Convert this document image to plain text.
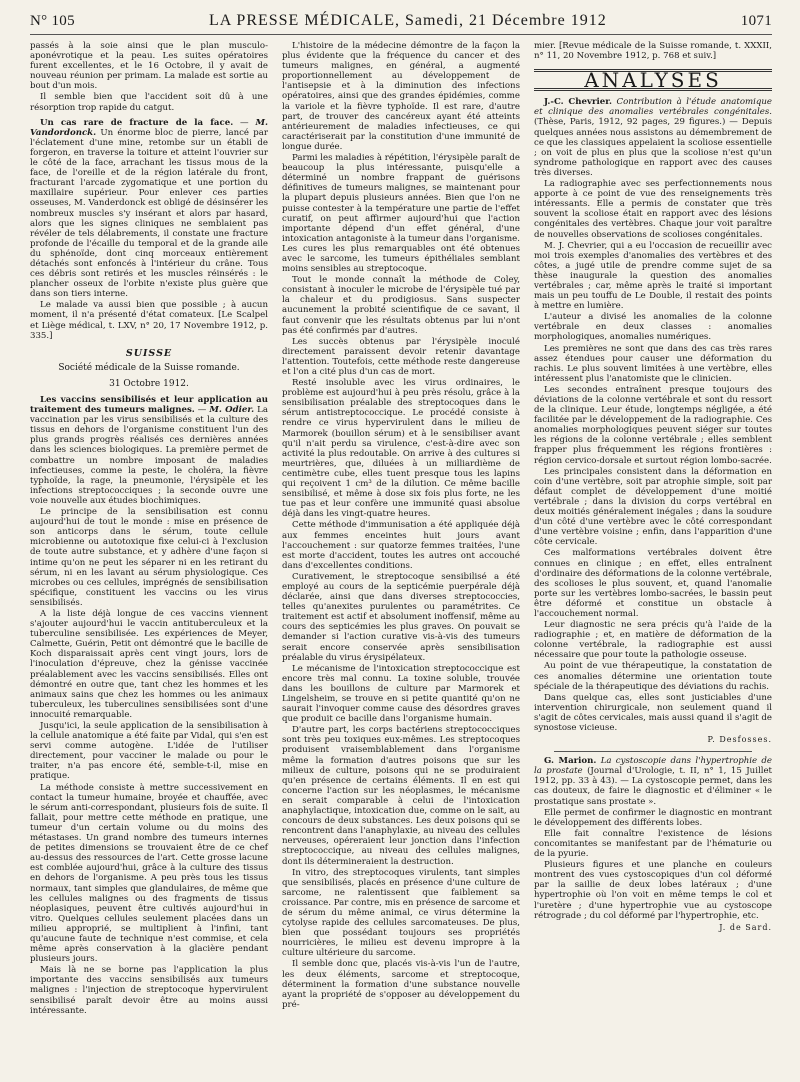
N° 105	LA PRESSE MÉDICALE, Samedi, 21 Décembre 1912	1071

passés à la soie ainsi que le plan musculo-aponévrotique et la peau. Les suites opératoires furent excellentes, et le 16 Octobre, il y avait de nouveau réunion per primam. La malade est sortie au bout d'un mois.

Il semble bien que l'accident soit dû à une résorption trop rapide du catgut.

Un cas rare de fracture de la face. — M. Vandordonck. Un énorme bloc de pierre, lancé par l'éclatement d'une mine, retombe sur un établi de forgeron, en traverse la toiture et atteint l'ouvrier sur le côté de la face, arrachant les tissus mous de la face, de l'oreille et de la région latérale du front, fracturant l'arcade zygomatique et une portion du maxillaire supérieur. Pour enlever ces parties osseuses, M. Vanderdonck est obligé de désinsérer les nombreux muscles s'y insérant et alors par hasard, alors que les signes cliniques ne semblaient pas révéler de tels délabrements, il constate une fracture profonde de l'écaille du temporal et de la grande aile du sphénoïde, dont cinq morceaux entièrement détachés sont enfoncés à l'intérieur du crâne. Tous ces débris sont retirés et les muscles réinsérés : le plancher osseux de l'orbite n'existe plus guère que dans son tiers interne.

Le malade va aussi bien que possible ; à aucun moment, il n'a présenté d'état comateux. [Le Scalpel et Liège médical, t. LXV, n° 20, 17 Novembre 1912, p. 335.]

SUISSE
Société médicale de la Suisse romande.
31 Octobre 1912.

Les vaccins sensibilisés et leur application au traitement des tumeurs malignes. — M. Odier. La vaccination par les virus sensibilisés et la culture des tissus en dehors de l'organisme constituent l'un des plus grands progrès réalisés ces dernières années dans les sciences biologiques. La première permet de combattre un nombre imposant de maladies infectieuses, comme la peste, le choléra, la fièvre typhoïde, la rage, la pneumonie, l'érysipèle et les infections streptococciques ; la seconde ouvre une voie nouvelle aux études biochimiques.

Le principe de la sensibilisation est connu aujourd'hui de tout le monde : mise en présence de son anticorps dans le sérum, toute cellule microbienne ou autotoxique fixe celui-ci à l'exclusion de toute autre substance, et y adhère d'une façon si intime qu'on ne peut les séparer ni en les retirant du sérum, ni en les lavant au sérum physiologique. Ces microbes ou ces cellules, imprégnés de sensibilisation spécifique, constituent les vaccins ou les virus sensibilisés.

A la liste déjà longue de ces vaccins viennent s'ajouter aujourd'hui le vaccin antituberculeux et la tuberculine sensibilisée. Les expériences de Meyer, Calmette, Guérin, Petit ont démontré que le bacille de Koch disparaissait après cent vingt jours, lors de l'inoculation d'épreuve, chez la génisse vaccinée préalablement avec les vaccins sensibilisés. Elles ont démontré en outre que, tant chez les hommes et les animaux sains que chez les hommes ou les animaux tuberculeux, les tuberculines sensibilisées sont d'une innocuité remarquable.

Jusqu'ici, la seule application de la sensibilisation à la cellule anatomique a été faite par Vidal, qui s'en est servi comme autogène. L'idée de l'utiliser directement, pour vacciner le malade ou pour le traiter, n'a pas encore été, semble-t-il, mise en pratique.

La méthode consiste à mettre successivement en contact la tumeur humaine, broyée et chauffée, avec le sérum anti-correspondant, plusieurs fois de suite. Il fallait, pour mettre cette méthode en pratique, une tumeur d'un certain volume ou du moins des métastases. Un grand nombre des tumeurs internes de petites dimensions se trouvaient être de ce chef au-dessus des ressources de l'art. Cette grosse lacune est comblée aujourd'hui, grâce à la culture des tissus en dehors de l'organisme. A peu près tous les tissus normaux, tant simples que glandulaires, de même que les cellules malignes ou des fragments de tissus néoplasiques, peuvent être cultivés aujourd'hui in vitro. Quelques cellules seulement placées dans un milieu approprié, se multiplient à l'infini, tant qu'aucune faute de technique n'est commise, et cela même après conservation à la glacière pendant plusieurs jours.

Mais là ne se borne pas l'application la plus importante des vaccins sensibilisés aux tumeurs malignes : l'injection de streptocoque hypervirulent sensibilisé paraît devoir être au moins aussi intéressante.

L'histoire de la médecine démontre de la façon la plus évidente que la fréquence du cancer et des tumeurs malignes, en général, a augmenté proportionnellement au développement de l'antisepsie et à la diminution des infections opératoires, ainsi que des grandes épidémies, comme la variole et la fièvre typhoïde. Il est rare, d'autre part, de trouver des cancéreux ayant été atteints antérieurement de maladies infectieuses, ce qui caractériserait par la constitution d'une immunité de longue durée.

Parmi les maladies à répétition, l'érysipèle paraît de beaucoup la plus intéressante, puisqu'elle a déterminé un nombre frappant de guérisons définitives de tumeurs malignes, se maintenant pour la plupart depuis plusieurs années. Bien que l'on ne puisse contester à la température une partie de l'effet curatif, on peut affirmer aujourd'hui que l'action importante dépend d'un effet général, d'une intoxication antagoniste à la tumeur dans l'organisme. Les cures les plus remarquables ont été obtenues avec le sarcome, les tumeurs épithéliales semblant moins sensibles au streptocoque.

Tout le monde connaît la méthode de Coley, consistant à inoculer le microbe de l'érysipèle tué par la chaleur et du prodigiosus. Sans suspecter aucunement la probité scientifique de ce savant, il faut convenir que les résultats obtenus par lui n'ont pas été confirmés par d'autres.

Les succès obtenus par l'érysipèle inoculé directement paraissent devoir retenir davantage l'attention. Toutefois, cette méthode reste dangereuse et l'on a cité plus d'un cas de mort.

Resté insoluble avec les virus ordinaires, le problème est aujourd'hui à peu près résolu, grâce à la sensibilisation préalable des streptocoques dans le sérum antistreptococcique. Le procédé consiste à rendre ce virus hypervirulent dans le milieu de Marmorek (bouillon sérum) et à le sensibiliser avant qu'il n'ait perdu sa virulence, c'est-à-dire avec son activité la plus redoutable. On arrive à des cultures si meurtrières, que, diluées à un milliardième de centimètre cube, elles tuent presque tous les lapins qui reçoivent 1 cm³ de la dilution. Ce même bacille sensibilisé, et même à dose six fois plus forte, ne les tue pas et leur confère une immunité quasi absolue déjà dans les vingt-quatre heures.

Cette méthode d'immunisation a été appliquée déjà aux femmes enceintes huit jours avant l'accouchement : sur quatorze femmes traitées, l'une est morte d'accident, toutes les autres ont accouché dans d'excellentes conditions.

Curativement, le streptocoque sensibilisé a été employé au cours de la septicémie puerpérale déjà déclarée, ainsi que dans diverses streptococcies, telles qu'anexites purulentes ou paramétrites. Ce traitement est actif et absolument inoffensif, même au cours des septicémies les plus graves. On pouvait se demander si l'action curative vis-à-vis des tumeurs serait encore conservée après sensibilisation préalable du virus érysipélateux.

Le mécanisme de l'intoxication streptococcique est encore très mal connu. La toxine soluble, trouvée dans les bouillons de culture par Marmorek et Lingelsheim, se trouve en si petite quantité qu'on ne saurait l'invoquer comme cause des désordres graves que produit ce bacille dans l'organisme humain.

D'autre part, les corps bactériens streptococciques sont très peu toxiques eux-mêmes. Les streptocoques produisent vraisemblablement dans l'organisme même la formation d'autres poisons que sur les milieux de culture, poisons qui ne se produiraient qu'en présence de certains éléments. Il en est qui concerne l'action sur les néoplasmes, le mécanisme en serait comparable à celui de l'intoxication anaphylactique, intoxication due, comme on le sait, au concours de deux substances. Les deux poisons qui se rencontrent dans l'anaphylaxie, au niveau des cellules nerveuses, opéreraient leur jonction dans l'infection streptococcique, au niveau des cellules malignes, dont ils détermineraient la destruction.

In vitro, des streptocoques virulents, tant simples que sensibilisés, placés en présence d'une culture de sarcome, ne ralentissent que faiblement sa croissance. Par contre, mis en présence de sarcome et de sérum du même animal, ce virus détermine la cytolyse rapide des cellules sarcomateuses. De plus, bien que possédant toujours ses propriétés nourricières, le milieu est devenu impropre à la culture ultérieure du sarcome.

Il semble donc que, placés vis-à-vis l'un de l'autre, les deux éléments, sarcome et streptocoque, déterminent la formation d'une substance nouvelle ayant la propriété de s'opposer au développement du pré-

mier. [Revue médicale de la Suisse romande, t. XXXII, n° 11, 20 Novembre 1912, p. 768 et suiv.]

ANALYSES

J.-C. Chevrier. Contribution à l'étude anatomique et clinique des anomalies vertébrales congénitales. (Thèse, Paris, 1912, 92 pages, 29 figures.) — Depuis quelques années nous assistons au démembrement de ce que les classiques appelaient la scoliose essentielle ; on voit de plus en plus que la scoliose n'est qu'un syndrome pathologique en rapport avec des causes très diverses.

La radiographie avec ses perfectionnements nous apporte à ce point de vue des renseignements très intéressants. Elle a permis de constater que très souvent la scoliose était en rapport avec des lésions congénitales des vertèbres. Chaque jour voit paraître de nouvelles observations de scolioses congénitales.

M. J. Chevrier, qui a eu l'occasion de recueillir avec moi trois exemples d'anomalies des vertèbres et des côtes, a jugé utile de prendre comme sujet de sa thèse inaugurale la question des anomalies vertébrales ; car, même après le traité si important mais un peu touffu de Le Double, il restait des points à mettre en lumière.

L'auteur a divisé les anomalies de la colonne vertébrale en deux classes : anomalies morphologiques, anomalies numériques.

Les premières ne sont que dans des cas très rares assez étendues pour causer une déformation du rachis. Le plus souvent limitées à une vertèbre, elles intéressent plus l'anatomiste que le clinicien.

Les secondes entraînent presque toujours des déviations de la colonne vertébrale et sont du ressort de la clinique. Leur étude, longtemps négligée, a été facilitée par le développement de la radiographie. Ces anomalies morphologiques peuvent siéger sur toutes les régions de la colonne vertébrale ; elles semblent frapper plus fréquemment les régions frontières : région cervico-dorsale et surtout région lombo-sacrée.

Les principales consistent dans la déformation en coin d'une vertèbre, soit par atrophie simple, soit par défaut complet de développement d'une moitié vertébrale ; dans la division du corps vertébral en deux moitiés généralement inégales ; dans la soudure d'un côté d'une vertèbre avec le côté correspondant d'une vertèbre voisine ; enfin, dans l'apparition d'une côte cervicale.

Ces malformations vertébrales doivent être connues en clinique ; en effet, elles entraînent d'ordinaire des déformations de la colonne vertébrale, des scolioses le plus souvent, et, quand l'anomalie porte sur les vertèbres lombo-sacrées, le bassin peut être déformé et constitue un obstacle à l'accouchement normal.

Leur diagnostic ne sera précis qu'à l'aide de la radiographie ; et, en matière de déformation de la colonne vertébrale, la radiographie est aussi nécessaire que pour toute la pathologie osseuse.

Au point de vue thérapeutique, la constatation de ces anomalies détermine une orientation toute spéciale de la thérapeutique des déviations du rachis.

Dans quelque cas, elles sont justiciables d'une intervention chirurgicale, non seulement quand il s'agit de côtes cervicales, mais aussi quand il s'agit de synostose vicieuse.

P. Desfosses.

G. Marion. La cystoscopie dans l'hypertrophie de la prostate (Journal d'Urologie, t. II, n° 1, 15 Juillet 1912, pp. 33 à 43). — La cystoscopie permet, dans les cas douteux, de faire le diagnostic et d'éliminer « le prostatique sans prostate ».

Elle permet de confirmer le diagnostic en montrant le développement des différents lobes.

Elle fait connaître l'existence de lésions concomitantes se manifestant par de l'hématurie ou de la pyurie.

Plusieurs figures et une planche en couleurs montrent des vues cystoscopiques d'un col déformé par la saillie de deux lobes latéraux ; d'une hypertrophie où l'on voit en même temps le col et l'uretère ; d'une hypertrophie vue au cystoscope rétrograde ; du col déformé par l'hypertrophie, etc.

J. de Sard.
